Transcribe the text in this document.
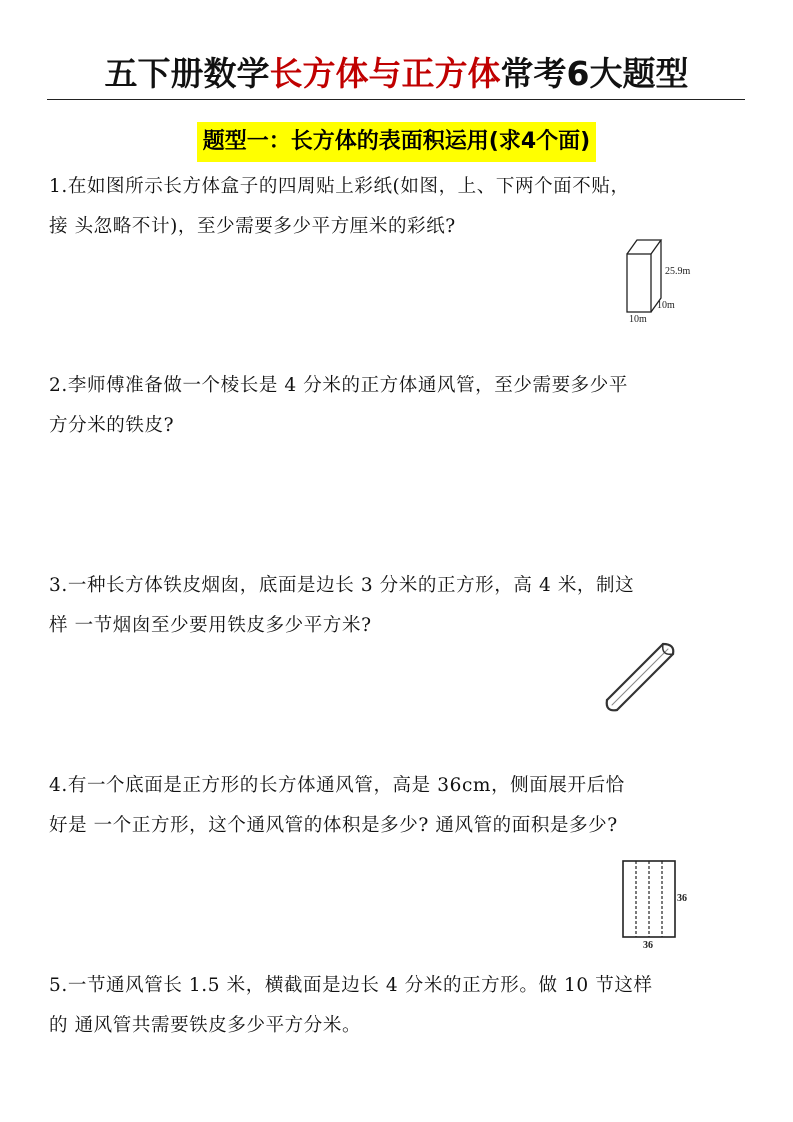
五下册数学长方体与正方体常考6大题型
题型一：长方体的表面积运用(求4个面)
1.在如图所示长方体盒子的四周贴上彩纸(如图，上、下两个面不贴，
接 头忽略不计)，至少需要多少平方厘米的彩纸?
25.9m
10m
10m
2.李师傅准备做一个棱长是 4 分米的正方体通风管，至少需要多少平
方分米的铁皮?
3.一种长方体铁皮烟囱，底面是边长 3 分米的正方形，高 4 米，制这
样 一节烟囱至少要用铁皮多少平方米?
4.有一个底面是正方形的长方体通风管，高是 36cm，侧面展开后恰
好是 一个正方形，这个通风管的体积是多少? 通风管的面积是多少?
36
36
5.一节通风管长 1.5 米，横截面是边长 4 分米的正方形。做 10 节这样
的 通风管共需要铁皮多少平方分米。
